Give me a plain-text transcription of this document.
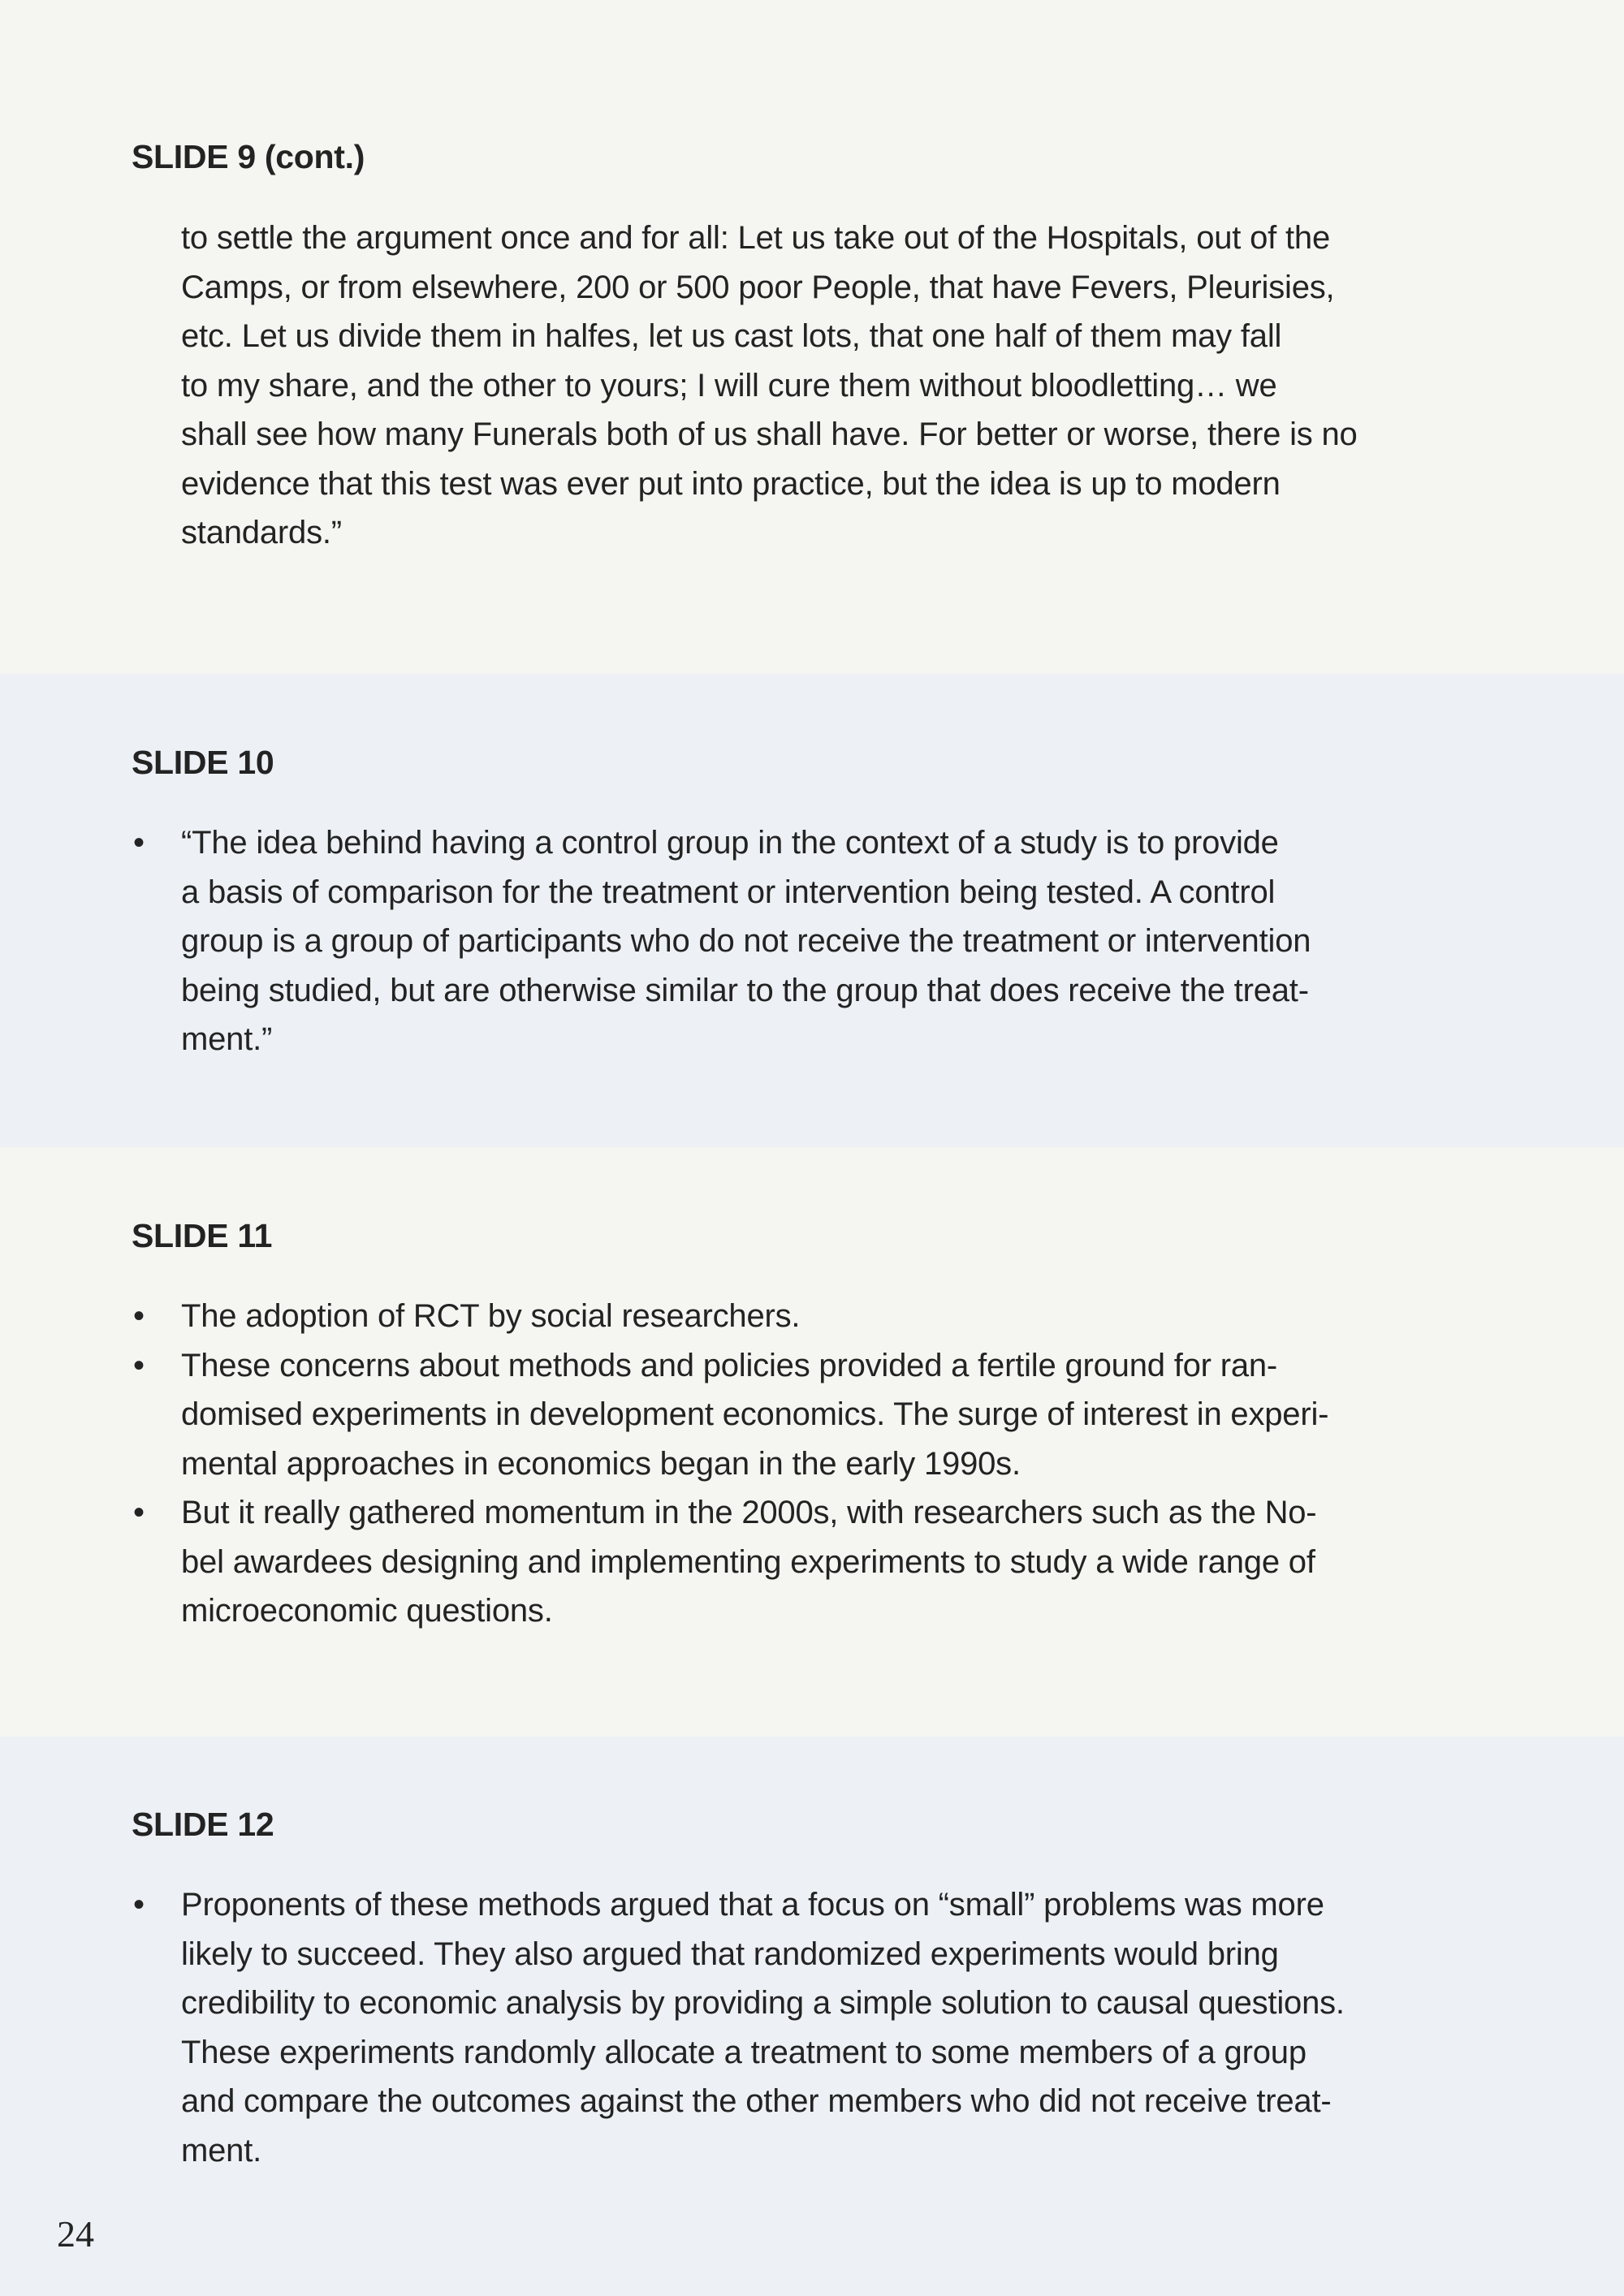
SLIDE 9 (cont.)

to settle the argument once and for all: Let us take out of the Hospitals, out of the
Camps, or from elsewhere, 200 or 500 poor People, that have Fevers, Pleurisies,
etc. Let us divide them in halfes, let us cast lots, that one half of them may fall
to my share, and the other to yours; I will cure them without bloodletting… we
shall see how many Funerals both of us shall have. For better or worse, there is no
evidence that this test was ever put into practice, but the idea is up to modern
standards.”

SLIDE 10
• “The idea behind having a control group in the context of a study is to provide
a basis of comparison for the treatment or intervention being tested. A control
group is a group of participants who do not receive the treatment or intervention
being studied, but are otherwise similar to the group that does receive the treat-
ment.”
SLIDE 11
• The adoption of RCT by social researchers.
• These concerns about methods and policies provided a fertile ground for ran-
domised experiments in development economics. The surge of interest in experi-
mental approaches in economics began in the early 1990s.
• But it really gathered momentum in the 2000s, with researchers such as the No-
bel awardees designing and implementing experiments to study a wide range of
microeconomic questions.
SLIDE 12
• Proponents of these methods argued that a focus on “small” problems was more
likely to succeed. They also argued that randomized experiments would bring
credibility to economic analysis by providing a simple solution to causal questions.
These experiments randomly allocate a treatment to some members of a group
and compare the outcomes against the other members who did not receive treat-
ment.
24
